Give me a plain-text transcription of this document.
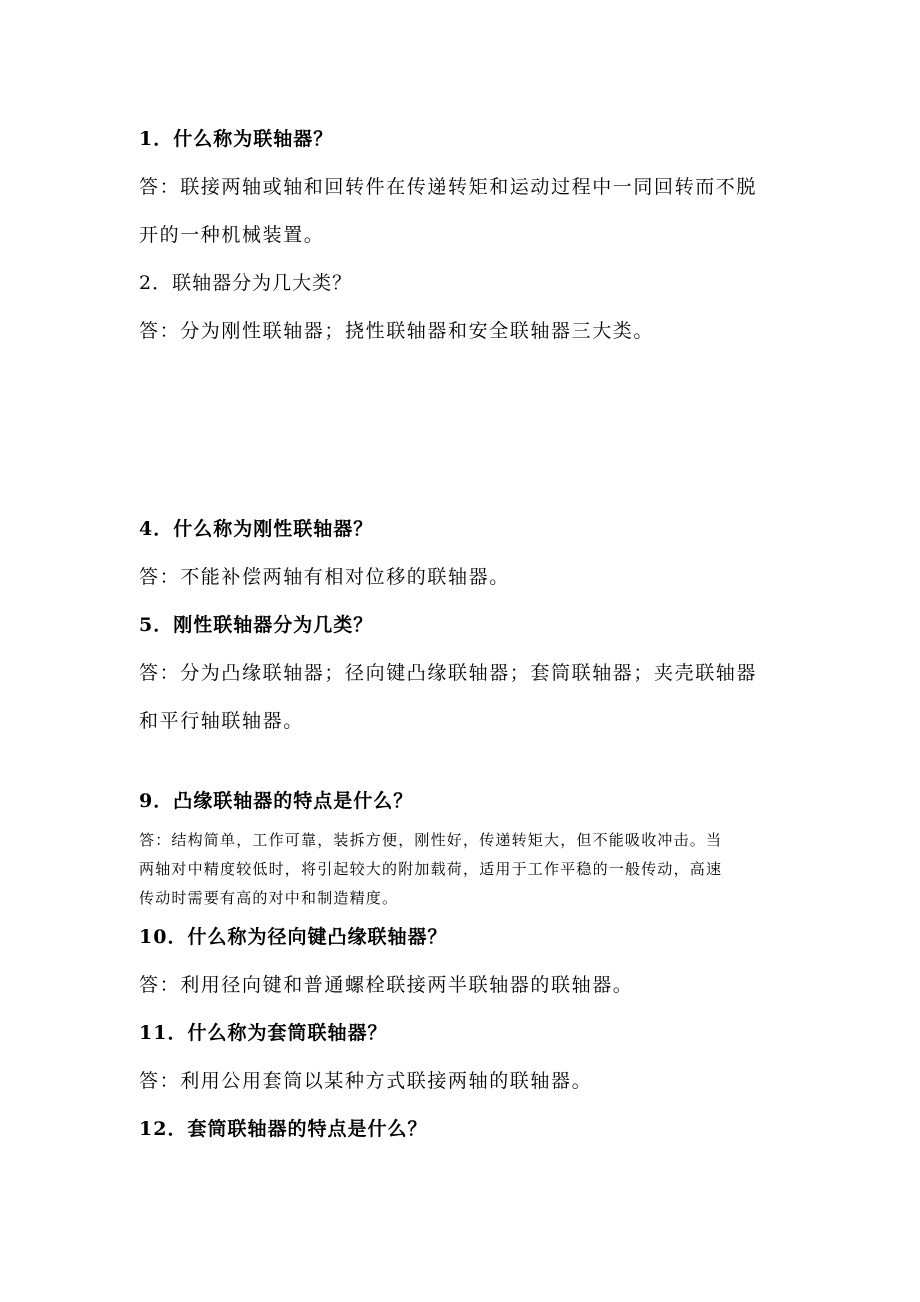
1．什么称为联轴器？

答：联接两轴或轴和回转件在传递转矩和运动过程中一同回转而不脱

开的一种机械装置。

2．联轴器分为几大类？

答：分为刚性联轴器；挠性联轴器和安全联轴器三大类。

4．什么称为刚性联轴器？

答：不能补偿两轴有相对位移的联轴器。

5．刚性联轴器分为几类？

答：分为凸缘联轴器；径向键凸缘联轴器；套筒联轴器；夹壳联轴器

和平行轴联轴器。

9．凸缘联轴器的特点是什么？

答：结构简单，工作可靠，装拆方便，刚性好，传递转矩大，但不能吸收冲击。当

两轴对中精度较低时，将引起较大的附加载荷，适用于工作平稳的一般传动，高速

传动时需要有高的对中和制造精度。

10．什么称为径向键凸缘联轴器？

答：利用径向键和普通螺栓联接两半联轴器的联轴器。

11．什么称为套筒联轴器？

答：利用公用套筒以某种方式联接两轴的联轴器。

12．套筒联轴器的特点是什么？
